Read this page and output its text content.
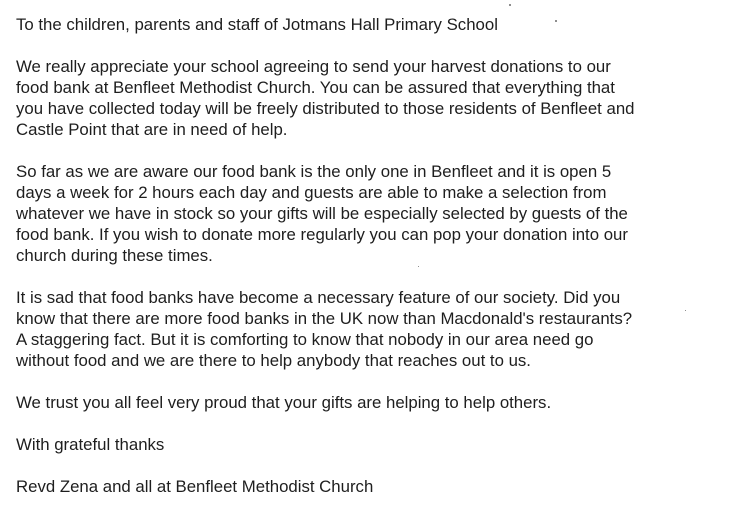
To the children, parents and staff of Jotmans Hall Primary School

We really appreciate your school agreeing to send your harvest donations to our
food bank at Benfleet Methodist Church. You can be assured that everything that
you have collected today will be freely distributed to those residents of Benfleet and
Castle Point that are in need of help.

So far as we are aware our food bank is the only one in Benfleet and it is open 5
days a week for 2 hours each day and guests are able to make a selection from
whatever we have in stock so your gifts will be especially selected by guests of the
food bank. If you wish to donate more regularly you can pop your donation into our
church during these times.

It is sad that food banks have become a necessary feature of our society. Did you
know that there are more food banks in the UK now than Macdonald's restaurants?
A staggering fact. But it is comforting to know that nobody in our area need go
without food and we are there to help anybody that reaches out to us.

We trust you all feel very proud that your gifts are helping to help others.

With grateful thanks

Revd Zena and all at Benfleet Methodist Church
